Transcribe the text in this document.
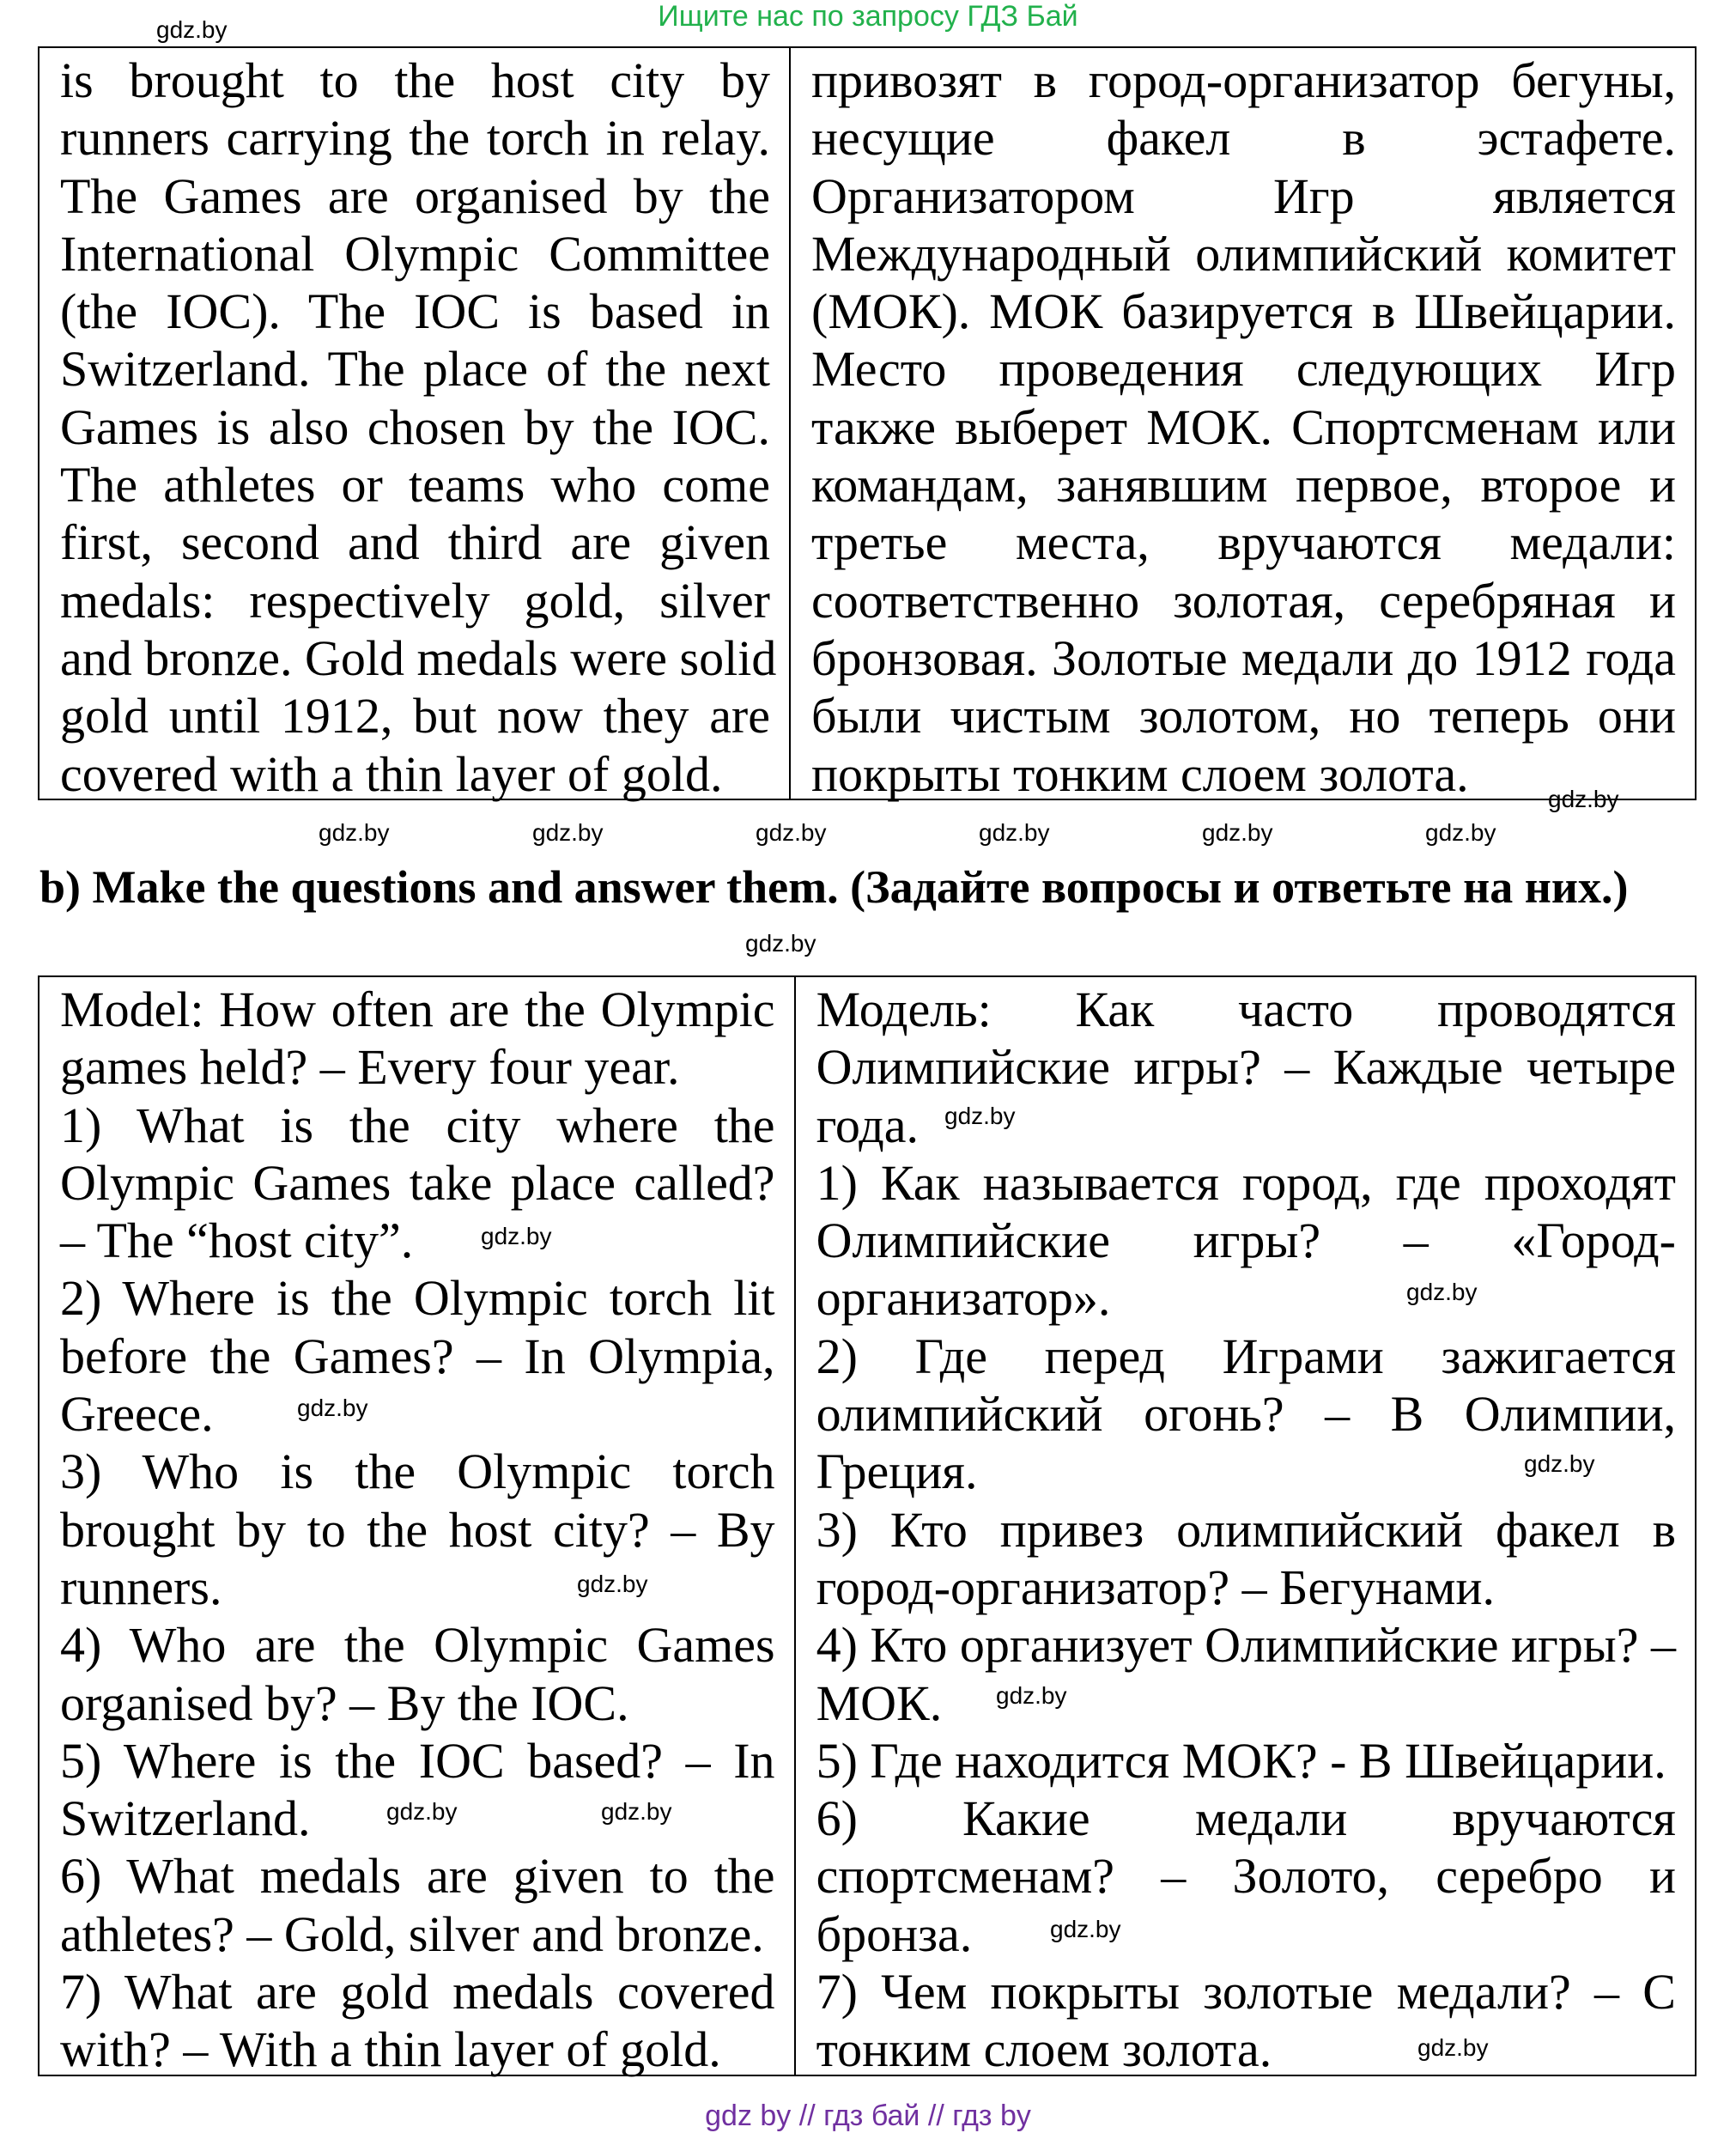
Ищите нас по запросу ГДЗ Бай
is brought to the host city by
runners carrying the torch in relay.
The Games are organised by the
International Olympic Committee
(the IOC). The IOC is based in
Switzerland. The place of the next
Games is also chosen by the IOC.
The athletes or teams who come
first, second and third are given
medals: respectively gold, silver
and bronze. Gold medals were solid
gold until 1912, but now they are
covered with a thin layer of gold.
привозят в город-организатор бегуны,
несущие факел в эстафете.
Организатором Игр является
Международный олимпийский комитет
(МОК). МОК базируется в Швейцарии.
Место проведения следующих Игр
также выберет МОК. Спортсменам или
командам, занявшим первое, второе и
третье места, вручаются медали:
соответственно золотая, серебряная и
бронзовая. Золотые медали до 1912 года
были чистым золотом, но теперь они
покрыты тонким слоем золота.
b) Make the questions and answer them. (Задайте вопросы и ответьте на них.)
Model: How often are the Olympic
games held? – Every four year.
1) What is the city where the
Olympic Games take place called?
– The “host city”.
2) Where is the Olympic torch lit
before the Games? – In Olympia,
Greece.
3) Who is the Olympic torch
brought by to the host city? – By
runners.
4) Who are the Olympic Games
organised by? – By the IOC.
5) Where is the IOC based? – In
Switzerland.
6) What medals are given to the
athletes? – Gold, silver and bronze.
7) What are gold medals covered
with? – With a thin layer of gold.
Модель: Как часто проводятся
Олимпийские игры? – Каждые четыре
года.
1) Как называется город, где проходят
Олимпийские игры? – «Город-
организатор».
2) Где перед Играми зажигается
олимпийский огонь? – В Олимпии,
Греция.
3) Кто привез олимпийский факел в
город-организатор? – Бегунами.
4) Кто организует Олимпийские игры? –
МОК.
5) Где находится МОК? - В Швейцарии.
6) Какие медали вручаются
спортсменам? – Золото, серебро и
бронза.
7) Чем покрыты золотые медали? – С
тонким слоем золота.
gdz.by
gdz.by	gdz.by
gdz.by	gdz.by
gdz.by
gdz.by
gdz.by
gdz.by
gdz.by
gdz.by
gdz.by
gdz.by
gdz.by
gdz.by
gdz.by
gdz.by	gdz.by
gdz.by
gdz.by
gdz by // гдз бай // гдз by
